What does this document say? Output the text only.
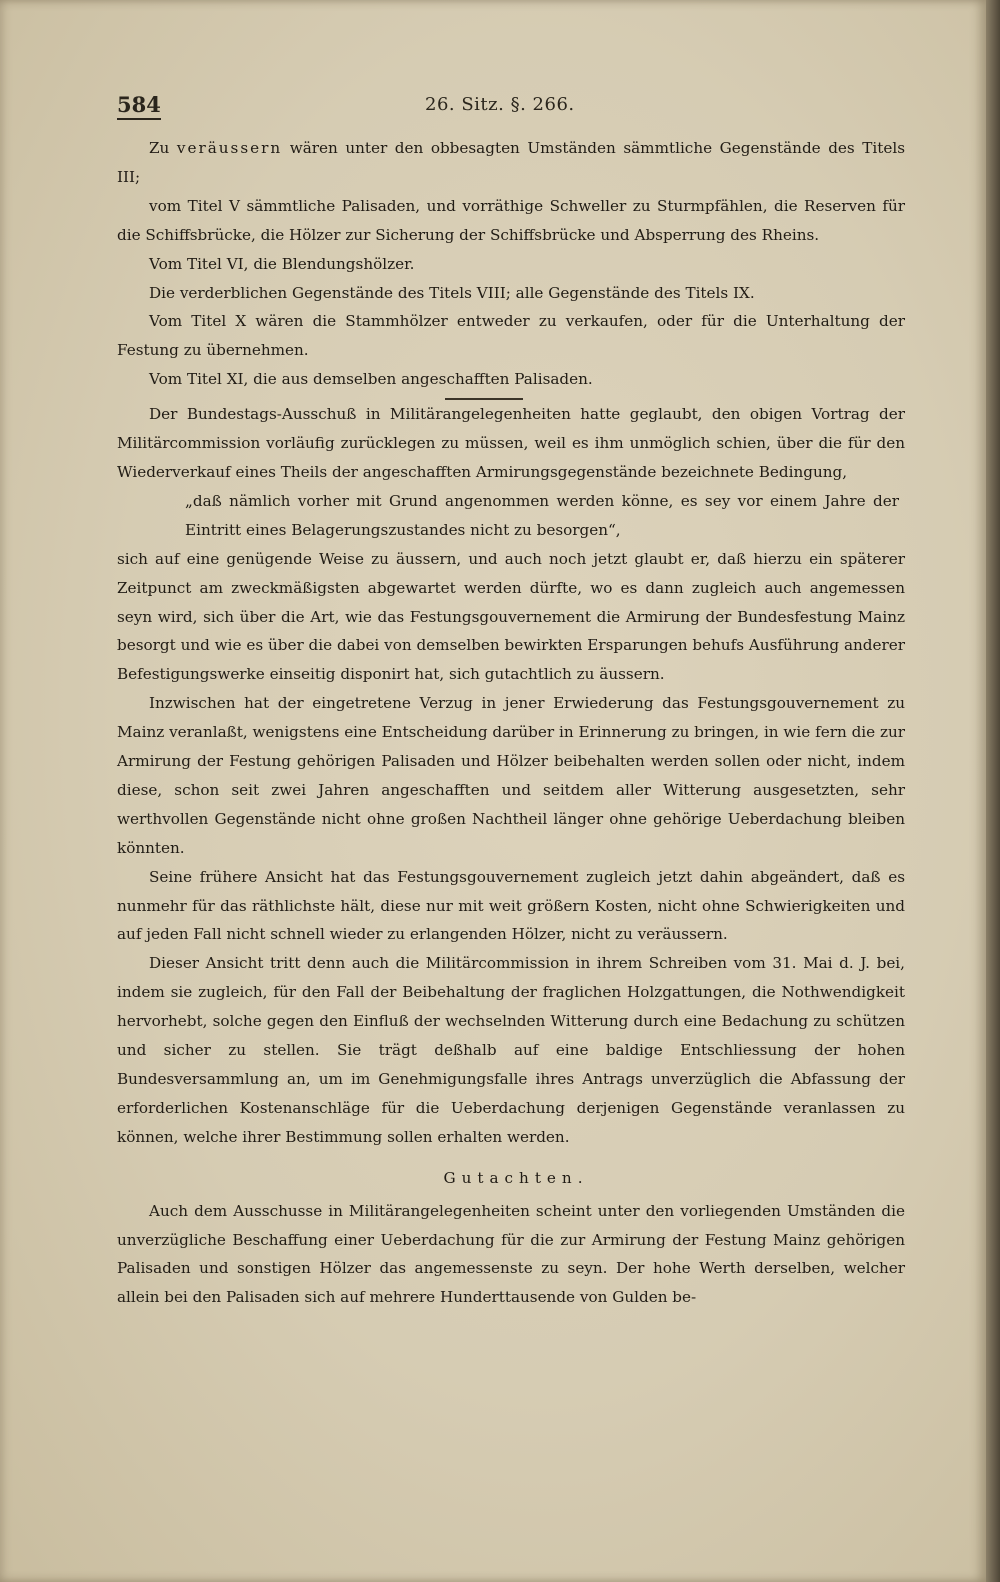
584	26. Sitz. §. 266.

Zu veräussern wären unter den obbesagten Umständen sämmtliche Gegenstände des Titels III;

vom Titel V sämmtliche Palisaden, und vorräthige Schweller zu Sturmpfählen, die Reserven für die Schiffsbrücke, die Hölzer zur Sicherung der Schiffsbrücke und Absperrung des Rheins.

Vom Titel VI, die Blendungshölzer.

Die verderblichen Gegenstände des Titels VIII; alle Gegenstände des Titels IX.

Vom Titel X wären die Stammhölzer entweder zu verkaufen, oder für die Unterhaltung der Festung zu übernehmen.

Vom Titel XI, die aus demselben angeschafften Palisaden.

Der Bundestags-Ausschuß in Militärangelegenheiten hatte geglaubt, den obigen Vortrag der Militärcommission vorläufig zurücklegen zu müssen, weil es ihm unmöglich schien, über die für den Wiederverkauf eines Theils der angeschafften Armirungsgegenstände bezeichnete Bedingung,

„daß nämlich vorher mit Grund angenommen werden könne, es sey vor einem Jahre der Eintritt eines Belagerungszustandes nicht zu besorgen“,

sich auf eine genügende Weise zu äussern, und auch noch jetzt glaubt er, daß hierzu ein späterer Zeitpunct am zweckmäßigsten abgewartet werden dürfte, wo es dann zugleich auch angemessen seyn wird, sich über die Art, wie das Festungsgouvernement die Armirung der Bundesfestung Mainz besorgt und wie es über die dabei von demselben bewirkten Ersparungen behufs Ausführung anderer Befestigungswerke einseitig disponirt hat, sich gutachtlich zu äussern.

Inzwischen hat der eingetretene Verzug in jener Erwiederung das Festungsgouvernement zu Mainz veranlaßt, wenigstens eine Entscheidung darüber in Erinnerung zu bringen, in wie fern die zur Armirung der Festung gehörigen Palisaden und Hölzer beibehalten werden sollen oder nicht, indem diese, schon seit zwei Jahren angeschafften und seitdem aller Witterung ausgesetzten, sehr werthvollen Gegenstände nicht ohne großen Nachtheil länger ohne gehörige Ueberdachung bleiben könnten.

Seine frühere Ansicht hat das Festungsgouvernement zugleich jetzt dahin abgeändert, daß es nunmehr für das räthlichste hält, diese nur mit weit größern Kosten, nicht ohne Schwierigkeiten und auf jeden Fall nicht schnell wieder zu erlangenden Hölzer, nicht zu veräussern.

Dieser Ansicht tritt denn auch die Militärcommission in ihrem Schreiben vom 31. Mai d. J. bei, indem sie zugleich, für den Fall der Beibehaltung der fraglichen Holzgattungen, die Nothwendigkeit hervorhebt, solche gegen den Einfluß der wechselnden Witterung durch eine Bedachung zu schützen und sicher zu stellen. Sie trägt deßhalb auf eine baldige Entschliessung der hohen Bundesversammlung an, um im Genehmigungsfalle ihres Antrags unverzüglich die Abfassung der erforderlichen Kostenanschläge für die Ueberdachung derjenigen Gegenstände veranlassen zu können, welche ihrer Bestimmung sollen erhalten werden.

Gutachten.

Auch dem Ausschusse in Militärangelegenheiten scheint unter den vorliegenden Umständen die unverzügliche Beschaffung einer Ueberdachung für die zur Armirung der Festung Mainz gehörigen Palisaden und sonstigen Hölzer das angemessenste zu seyn. Der hohe Werth derselben, welcher allein bei den Palisaden sich auf mehrere Hunderttausende von Gulden be-
